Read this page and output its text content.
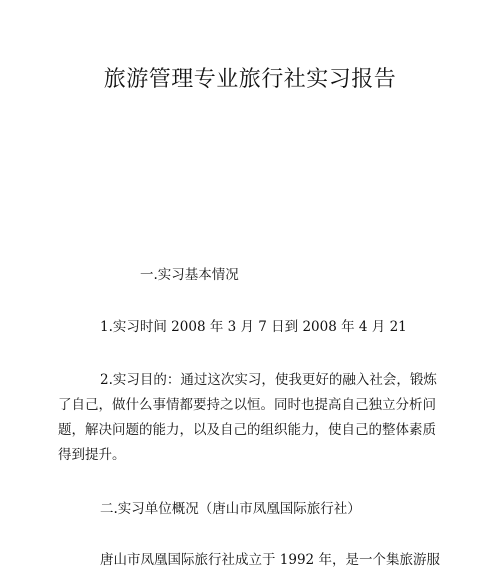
旅游管理专业旅行社实习报告
一.实习基本情况
1.实习时间 2008 年 3 月 7 日到 2008 年 4 月 21
2.实习目的：通过这次实习，使我更好的融入社会，锻炼
了自己，做什么事情都要持之以恒。同时也提高自己独立分析问
题，解决问题的能力，以及自己的组织能力，使自己的整体素质
得到提升。
二.实习单位概况（唐山市凤凰国际旅行社）
唐山市凤凰国际旅行社成立于 1992 年，是一个集旅游服
